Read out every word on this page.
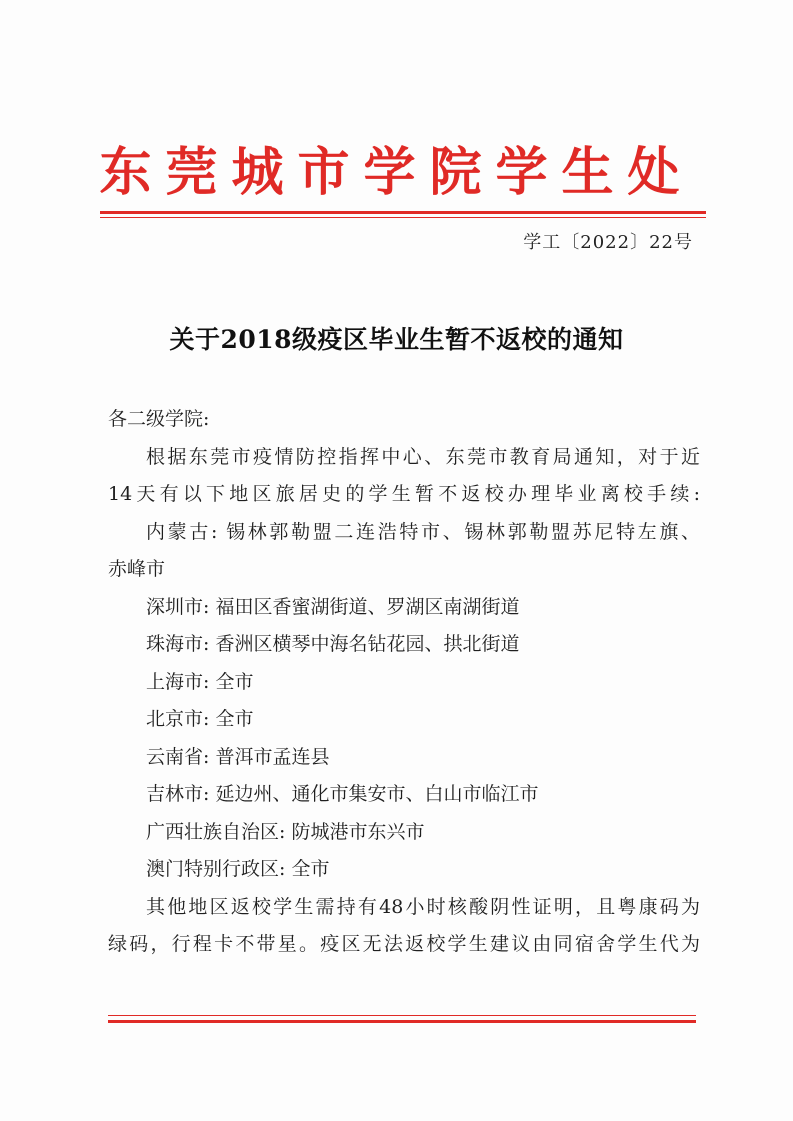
东莞城市学院学生处
学工〔2022〕22号
关于2018级疫区毕业生暂不返校的通知
各二级学院:
根据东莞市疫情防控指挥中心、东莞市教育局通知，对于近
14天有以下地区旅居史的学生暂不返校办理毕业离校手续:
内蒙古: 锡林郭勒盟二连浩特市、锡林郭勒盟苏尼特左旗、
赤峰市
深圳市: 福田区香蜜湖街道、罗湖区南湖街道
珠海市: 香洲区横琴中海名钻花园、拱北街道
上海市: 全市
北京市: 全市
云南省: 普洱市孟连县
吉林市: 延边州、通化市集安市、白山市临江市
广西壮族自治区: 防城港市东兴市
澳门特别行政区: 全市
其他地区返校学生需持有48小时核酸阴性证明，且粤康码为
绿码，行程卡不带星。疫区无法返校学生建议由同宿舍学生代为
